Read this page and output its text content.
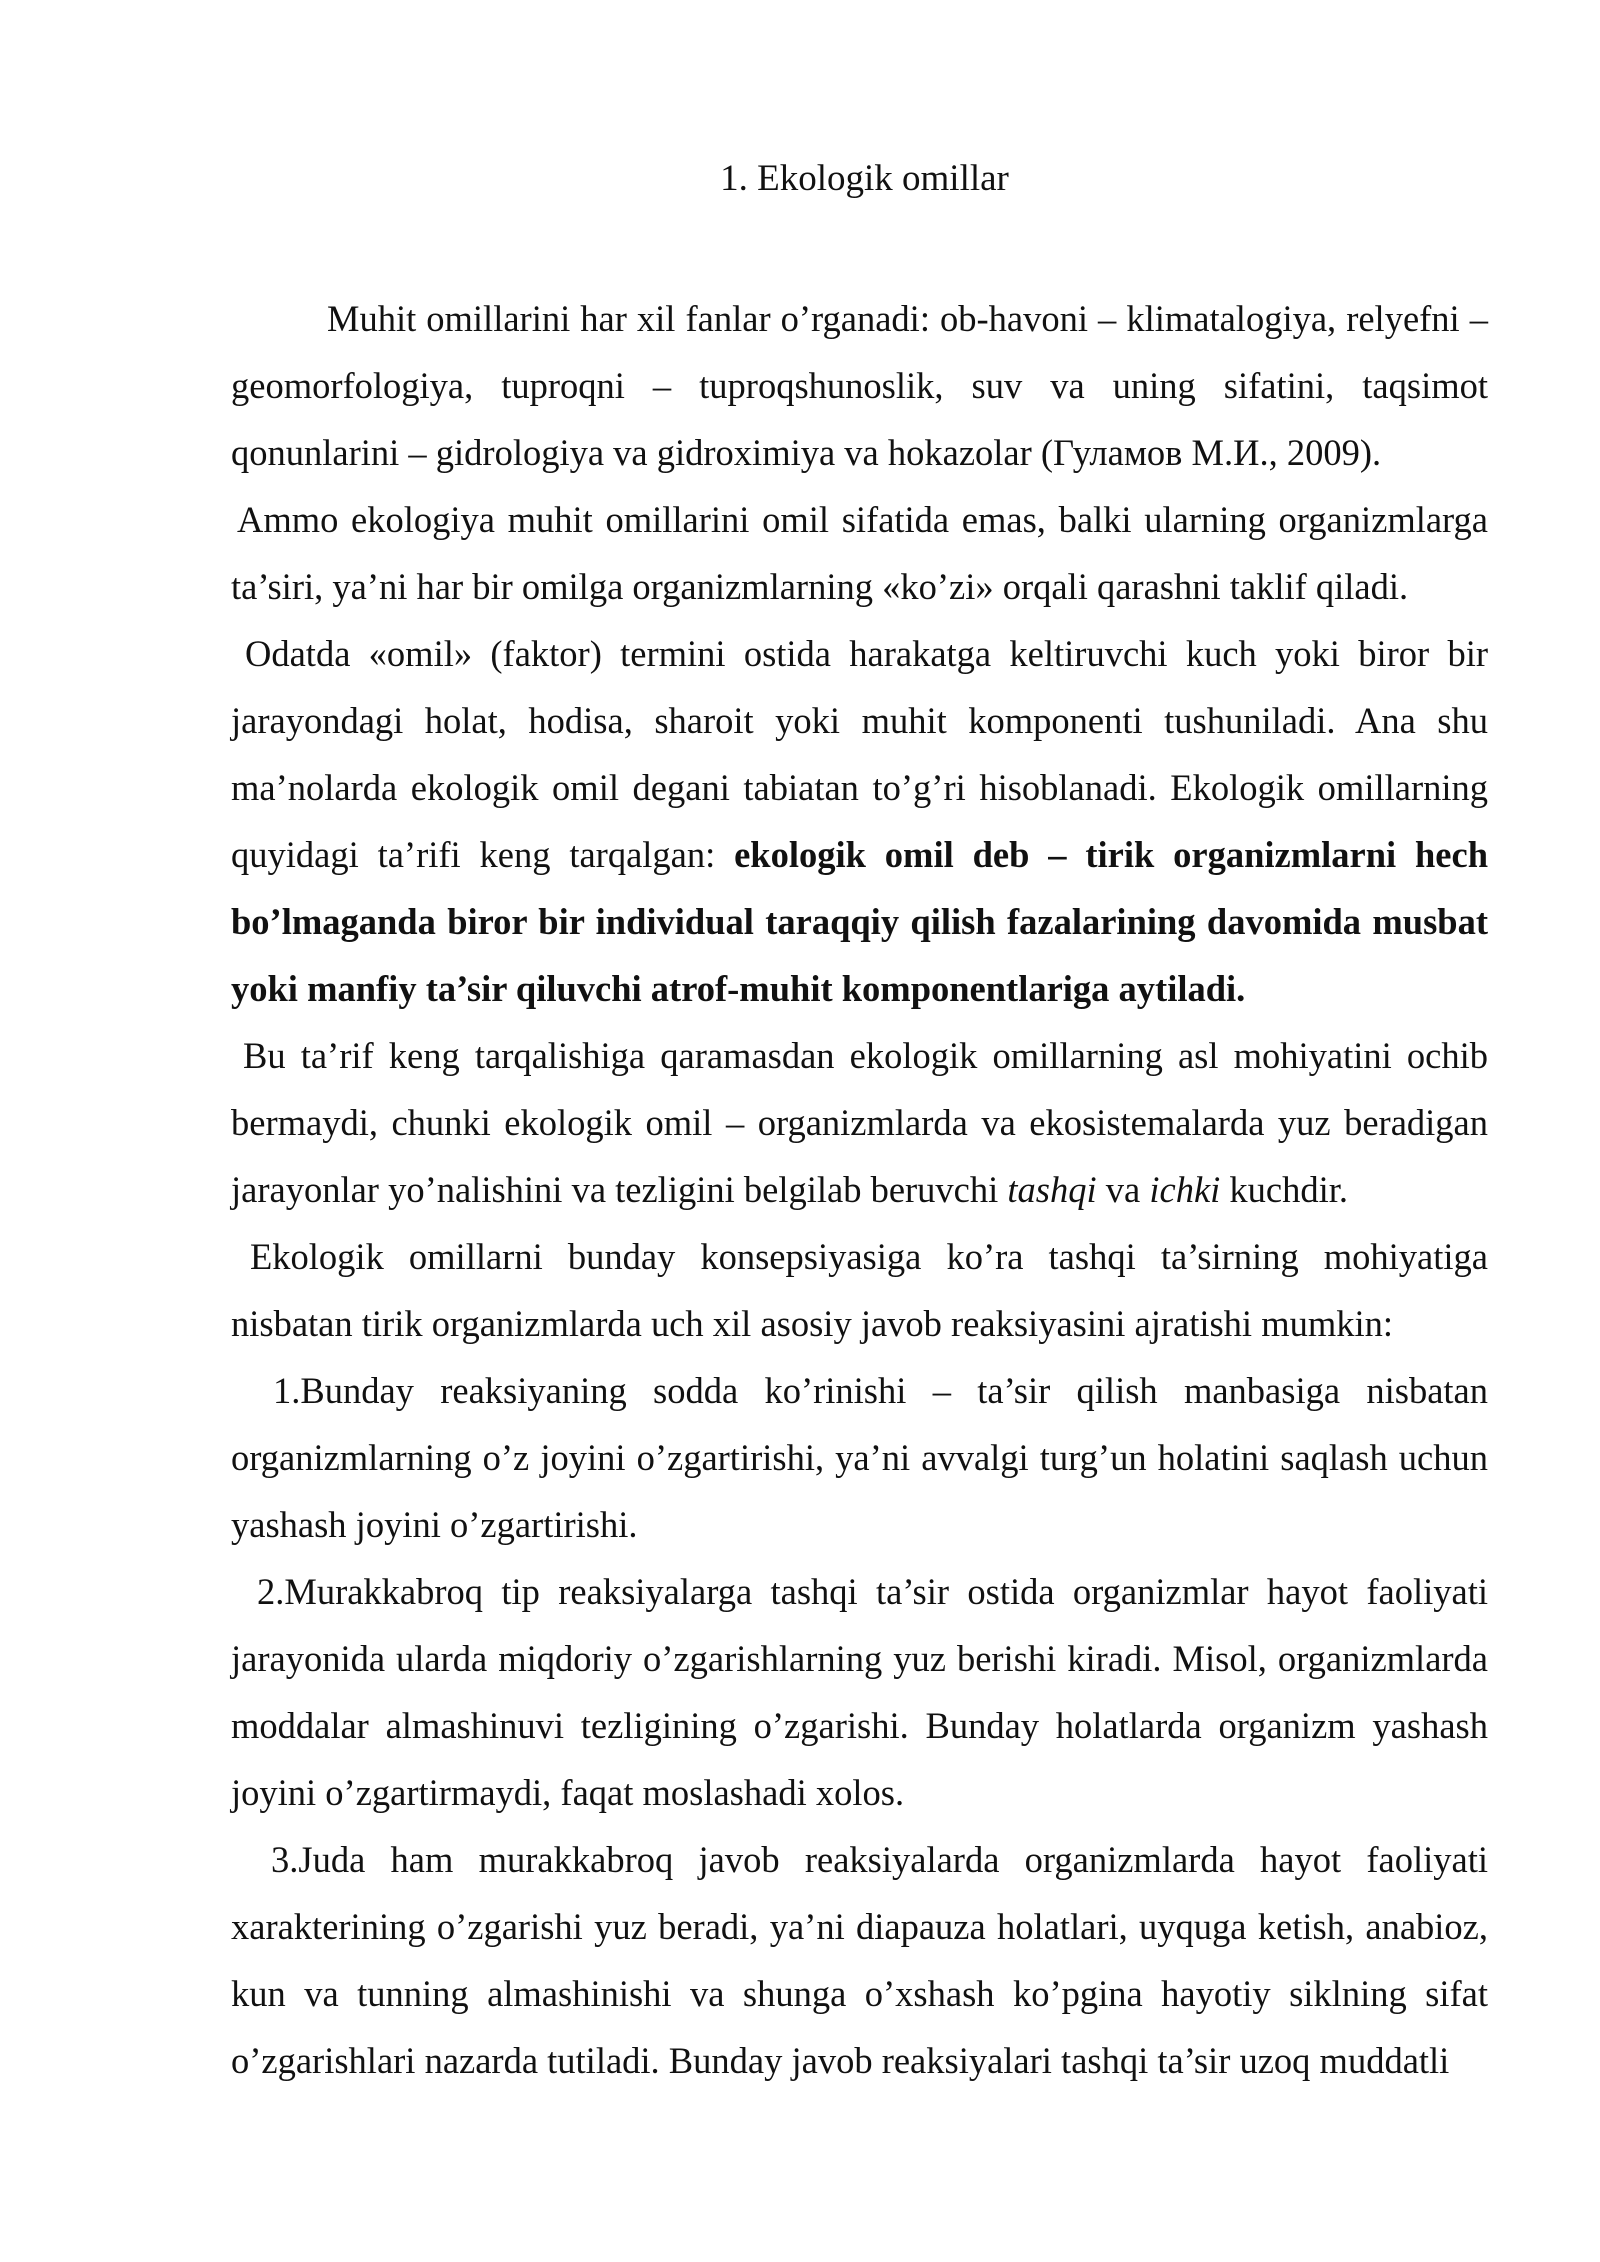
1. Ekologik omillar

Muhit omillarini har xil fanlar o’rganadi: ob-havoni – klimatalogiya, relyefni – geomorfologiya, tuproqni – tuproqshunoslik, suv va uning sifatini, taqsimot qonunlarini – gidrologiya va gidroximiya va hokazolar (Гуламов М.И., 2009).

Ammo ekologiya muhit omillarini omil sifatida emas, balki ularning organizmlarga ta’siri, ya’ni har bir omilga organizmlarning «ko’zi» orqali qarashni taklif qiladi.

Odatda «omil» (faktor) termini ostida harakatga keltiruvchi kuch yoki biror bir jarayondagi holat, hodisa, sharoit yoki muhit komponenti tushuniladi. Ana shu ma’nolarda ekologik omil degani tabiatan to’g’ri hisoblanadi. Ekologik omillarning quyidagi ta’rifi keng tarqalgan: ekologik omil deb – tirik organizmlarni hech bo’lmaganda biror bir individual taraqqiy qilish fazalarining davomida musbat yoki manfiy ta’sir qiluvchi atrof-muhit komponentlariga aytiladi.

Bu ta’rif keng tarqalishiga qaramasdan ekologik omillarning asl mohiyatini ochib bermaydi, chunki ekologik omil – organizmlarda va ekosistemalarda yuz beradigan jarayonlar yo’nalishini va tezligini belgilab beruvchi tashqi va ichki kuchdir.

Ekologik omillarni bunday konsepsiyasiga ko’ra tashqi ta’sirning mohiyatiga nisbatan tirik organizmlarda uch xil asosiy javob reaksiyasini ajratishi mumkin:

1.Bunday reaksiyaning sodda ko’rinishi – ta’sir qilish manbasiga nisbatan organizmlarning o’z joyini o’zgartirishi, ya’ni avvalgi turg’un holatini saqlash uchun yashash joyini o’zgartirishi.

2.Murakkabroq tip reaksiyalarga tashqi ta’sir ostida organizmlar hayot faoliyati jarayonida ularda miqdoriy o’zgarishlarning yuz berishi kiradi. Misol, organizmlarda moddalar almashinuvi tezligining o’zgarishi. Bunday holatlarda organizm yashash joyini o’zgartirmaydi, faqat moslashadi xolos.

3.Juda ham murakkabroq javob reaksiyalarda organizmlarda hayot faoliyati xarakterining o’zgarishi yuz beradi, ya’ni diapauza holatlari, uyquga ketish, anabioz, kun va tunning almashinishi va shunga o’xshash ko’pgina hayotiy siklning sifat o’zgarishlari nazarda tutiladi. Bunday javob reaksiyalari tashqi ta’sir uzoq muddatli
